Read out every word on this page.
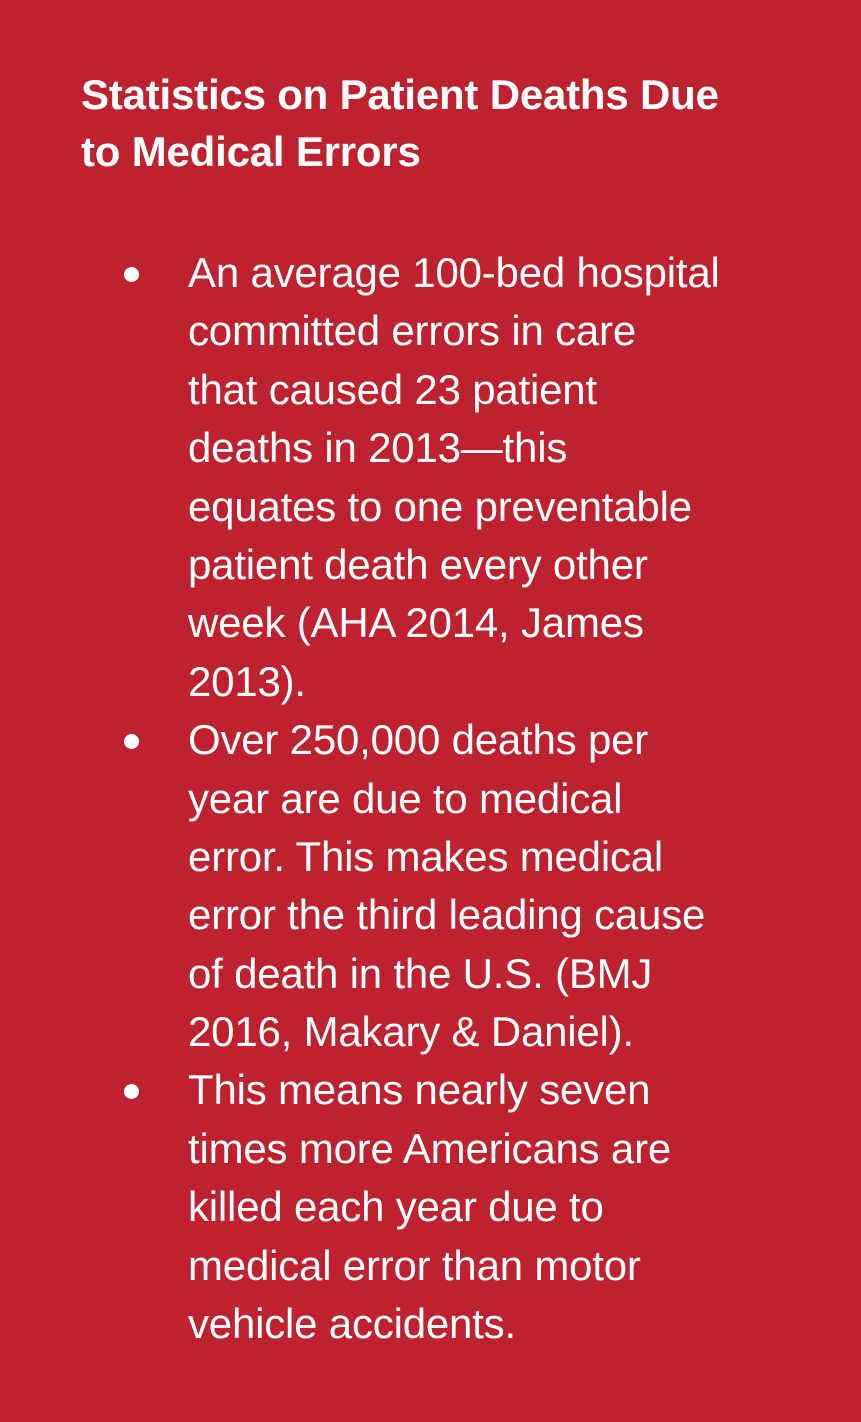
Statistics on Patient Deaths Due
to Medical Errors
An average 100-bed hospital
committed errors in care
that caused 23 patient
deaths in 2013—this
equates to one preventable
patient death every other
week (AHA 2014, James
2013).
Over 250,000 deaths per
year are due to medical
error. This makes medical
error the third leading cause
of death in the U.S. (BMJ
2016, Makary & Daniel).
This means nearly seven
times more Americans are
killed each year due to
medical error than motor
vehicle accidents.
